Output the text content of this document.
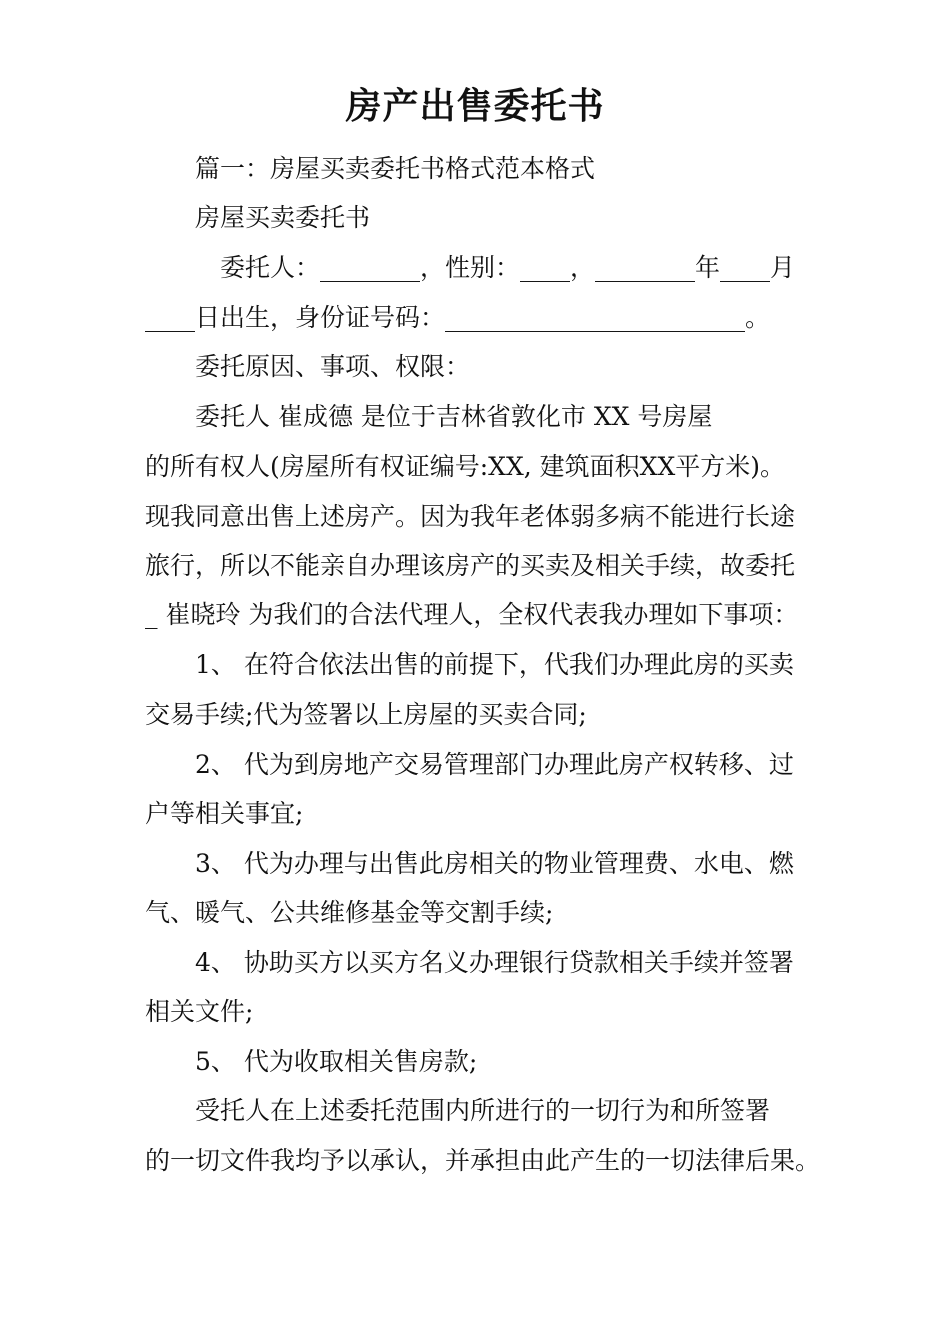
房产出售委托书
篇一：房屋买卖委托书格式范本格式
房屋买卖委托书
委托人：________，性别：____，________年____月
____日出生，身份证号码：________________________。
委托原因、事项、权限：
委托人 崔成德 是位于吉林省敦化市 XX 号房屋
的所有权人(房屋所有权证编号:XX, 建筑面积XX平方米)。
现我同意出售上述房产。因为我年老体弱多病不能进行长途
旅行，所以不能亲自办理该房产的买卖及相关手续，故委托
_ 崔晓玲 为我们的合法代理人，全权代表我办理如下事项：
1、 在符合依法出售的前提下，代我们办理此房的买卖
交易手续;代为签署以上房屋的买卖合同;
2、 代为到房地产交易管理部门办理此房产权转移、过
户等相关事宜;
3、 代为办理与出售此房相关的物业管理费、水电、燃
气、暖气、公共维修基金等交割手续;
4、 协助买方以买方名义办理银行贷款相关手续并签署
相关文件;
5、 代为收取相关售房款;
受托人在上述委托范围内所进行的一切行为和所签署
的一切文件我均予以承认，并承担由此产生的一切法律后果。
